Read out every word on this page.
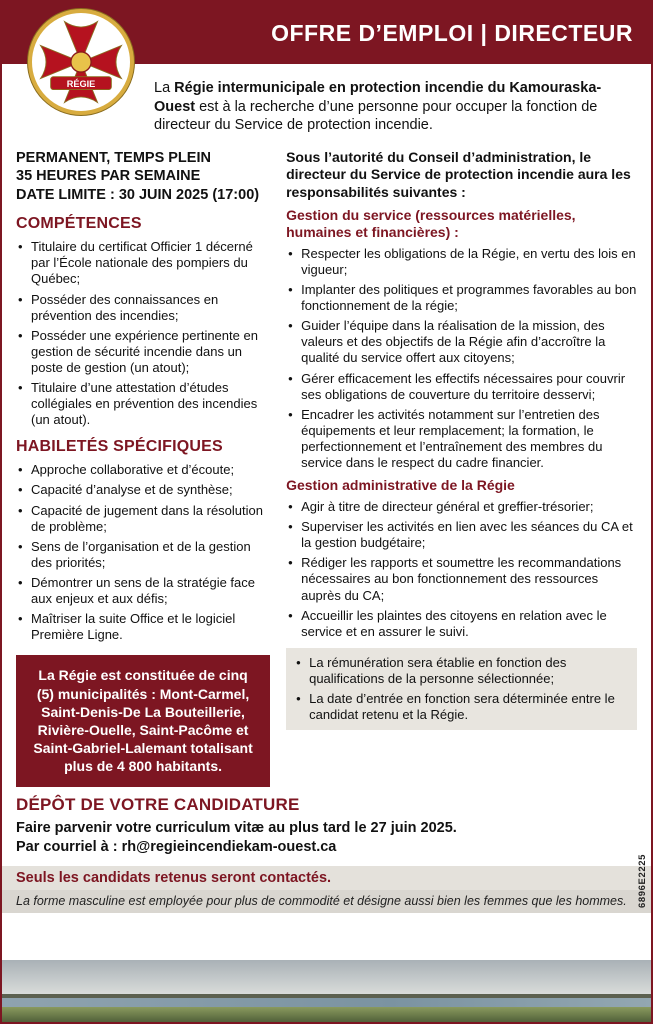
OFFRE D’EMPLOI | DIRECTEUR
RÉGIE	La Régie intermunicipale en protection incendie du Kamouraska-Ouest est à la recherche d’une personne pour occuper la fonction de directeur du Service de protection incendie.

PERMANENT, TEMPS PLEIN
35 HEURES PAR SEMAINE
DATE LIMITE : 30 JUIN 2025 (17:00)
COMPÉTENCES
• Titulaire du certificat Officier 1 décerné par l’École nationale des pompiers du Québec;
• Posséder des connaissances en prévention des incendies;
• Posséder une expérience pertinente en gestion de sécurité incendie dans un poste de gestion (un atout);
• Titulaire d’une attestation d’études collégiales en prévention des incendies (un atout).
HABILETÉS SPÉCIFIQUES
• Approche collaborative et d’écoute;
• Capacité d’analyse et de synthèse;
• Capacité de jugement dans la résolution de problème;
• Sens de l’organisation et de la gestion des priorités;
• Démontrer un sens de la stratégie face aux enjeux et aux défis;
• Maîtriser la suite Office et le logiciel Première Ligne.
La Régie est constituée de cinq (5) municipalités : Mont-Carmel, Saint-Denis-De La Bouteillerie, Rivière-Ouelle, Saint-Pacôme et Saint-Gabriel-Lalemant totalisant plus de 4 800 habitants.

Sous l’autorité du Conseil d’administration, le directeur du Service de protection incendie aura les responsabilités suivantes :

Gestion du service (ressources matérielles, humaines et financières) :
• Respecter les obligations de la Régie, en vertu des lois en vigueur;
• Implanter des politiques et programmes favorables au bon fonctionnement de la régie;
• Guider l’équipe dans la réalisation de la mission, des valeurs et des objectifs de la Régie afin d’accroître la qualité du service offert aux citoyens;
• Gérer efficacement les effectifs nécessaires pour couvrir ses obligations de couverture du territoire desservi;
• Encadrer les activités notamment sur l’entretien des équipements et leur remplacement; la formation, le perfectionnement et l’entraînement des membres du service dans le respect du cadre financier.
Gestion administrative de la Régie
• Agir à titre de directeur général et greffier-trésorier;
• Superviser les activités en lien avec les séances du CA et la gestion budgétaire;
• Rédiger les rapports et soumettre les recommandations nécessaires au bon fonctionnement des ressources auprès du CA;
• Accueillir les plaintes des citoyens en relation avec le service et en assurer le suivi.
• La rémunération sera établie en fonction des qualifications de la personne sélectionnée;
• La date d’entrée en fonction sera déterminée entre le candidat retenu et la Régie.
DÉPÔT DE VOTRE CANDIDATURE
Faire parvenir votre curriculum vitæ au plus tard le 27 juin 2025.
Par courriel à : rh@regieincendiekam-ouest.ca
Seuls les candidats retenus seront contactés.
La forme masculine est employée pour plus de commodité et désigne aussi bien les femmes que les hommes.	6896E2225
